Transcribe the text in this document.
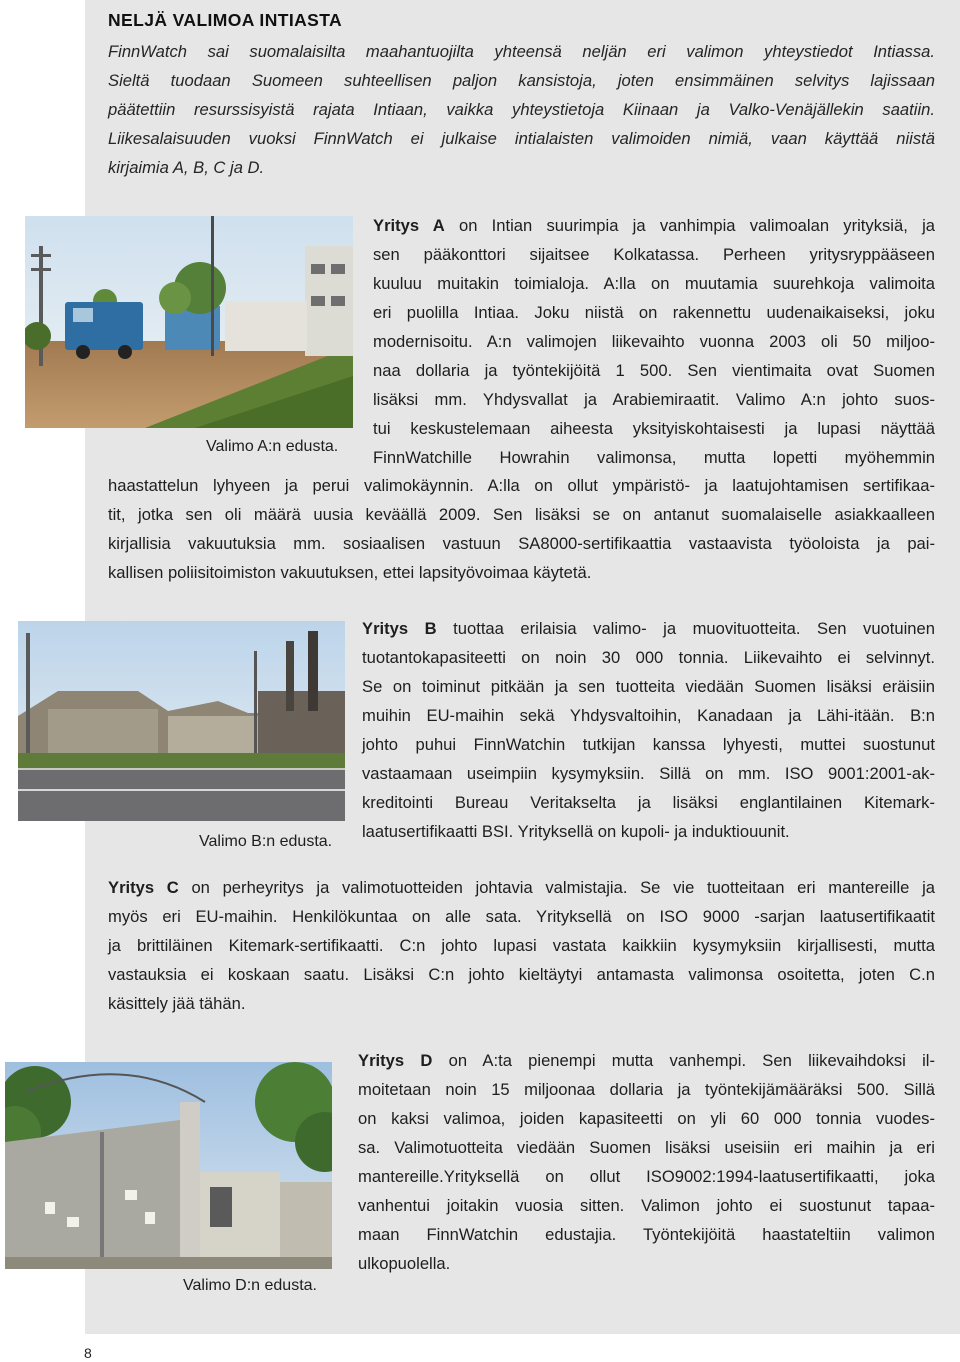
NELJÄ VALIMOA INTIASTA
FinnWatch sai suomalaisilta maahantuojilta yhteensä neljän eri valimon yhteystiedot Intiassa.
Sieltä tuodaan Suomeen suhteellisen paljon kansistoja, joten ensimmäinen selvitys lajissaan
päätettiin resurssisyistä rajata Intiaan, vaikka yhteystietoja Kiinaan ja Valko-Venäjällekin saatiin.
Liikesalaisuuden vuoksi FinnWatch ei julkaise intialaisten valimoiden nimiä, vaan käyttää niistä
kirjaimia A, B, C ja D.
Valimo A:n edusta.
Yritys A on Intian suurimpia ja vanhimpia valimoalan yrityksiä, ja
sen pääkonttori sijaitsee Kolkatassa. Perheen yritysryppääseen
kuuluu muitakin toimialoja. A:lla on muutamia suurehkoja valimoita
eri puolilla Intiaa. Joku niistä on rakennettu uudenaikaiseksi, joku
modernisoitu. A:n valimojen liikevaihto vuonna 2003 oli 50 miljoo-
naa dollaria ja työntekijöitä 1 500. Sen vientimaita ovat Suomen
lisäksi mm. Yhdysvallat ja Arabiemiraatit. Valimo A:n johto suos-
tui keskustelemaan aiheesta yksityiskohtaisesti ja lupasi näyttää
FinnWatchille Howrahin valimonsa, mutta lopetti myöhemmin
haastattelun lyhyeen ja perui valimokäynnin. A:lla on ollut ympäristö- ja laatujohtamisen sertifikaa-
tit, jotka sen oli määrä uusia keväällä 2009. Sen lisäksi se on antanut suomalaiselle asiakkaalleen
kirjallisia vakuutuksia mm. sosiaalisen vastuun SA8000-sertifikaattia vastaavista työoloista ja pai-
kallisen poliisitoimiston vakuutuksen, ettei lapsityövoimaa käytetä.
Valimo B:n edusta.
Yritys B tuottaa erilaisia valimo- ja muovituotteita. Sen vuotuinen
tuotantokapasiteetti on noin 30 000 tonnia. Liikevaihto ei selvinnyt.
Se on toiminut pitkään ja sen tuotteita viedään Suomen lisäksi eräisiin
muihin EU-maihin sekä Yhdysvaltoihin, Kanadaan ja Lähi-itään. B:n
johto puhui FinnWatchin tutkijan kanssa lyhyesti, muttei suostunut
vastaamaan useimpiin kysymyksiin. Sillä on mm. ISO 9001:2001-ak-
kreditointi Bureau Veritakselta ja lisäksi englantilainen Kitemark-
laatusertifikaatti BSI. Yrityksellä on kupoli- ja induktiouunit.
Yritys C on perheyritys ja valimotuotteiden johtavia valmistajia. Se vie tuotteitaan eri mantereille ja
myös eri EU-maihin. Henkilökuntaa on alle sata. Yrityksellä on ISO 9000 -sarjan laatusertifikaatit
ja brittiläinen Kitemark-sertifikaatti. C:n johto lupasi vastata kaikkiin kysymyksiin kirjallisesti, mutta
vastauksia ei koskaan saatu. Lisäksi C:n johto kieltäytyi antamasta valimonsa osoitetta, joten C.n
käsittely jää tähän.
Valimo D:n edusta.
Yritys D on A:ta pienempi mutta vanhempi. Sen liikevaihdoksi il-
moitetaan noin 15 miljoonaa dollaria ja työntekijämääräksi 500. Sillä
on kaksi valimoa, joiden kapasiteetti on yli 60 000 tonnia vuodes-
sa. Valimotuotteita viedään Suomen lisäksi useisiin eri maihin ja eri
mantereille.Yrityksellä on ollut ISO9002:1994-laatusertifikaatti, joka
vanhentui joitakin vuosia sitten. Valimon johto ei suostunut tapaa-
maan FinnWatchin edustajia. Työntekijöitä haastateltiin valimon
ulkopuolella.
8
